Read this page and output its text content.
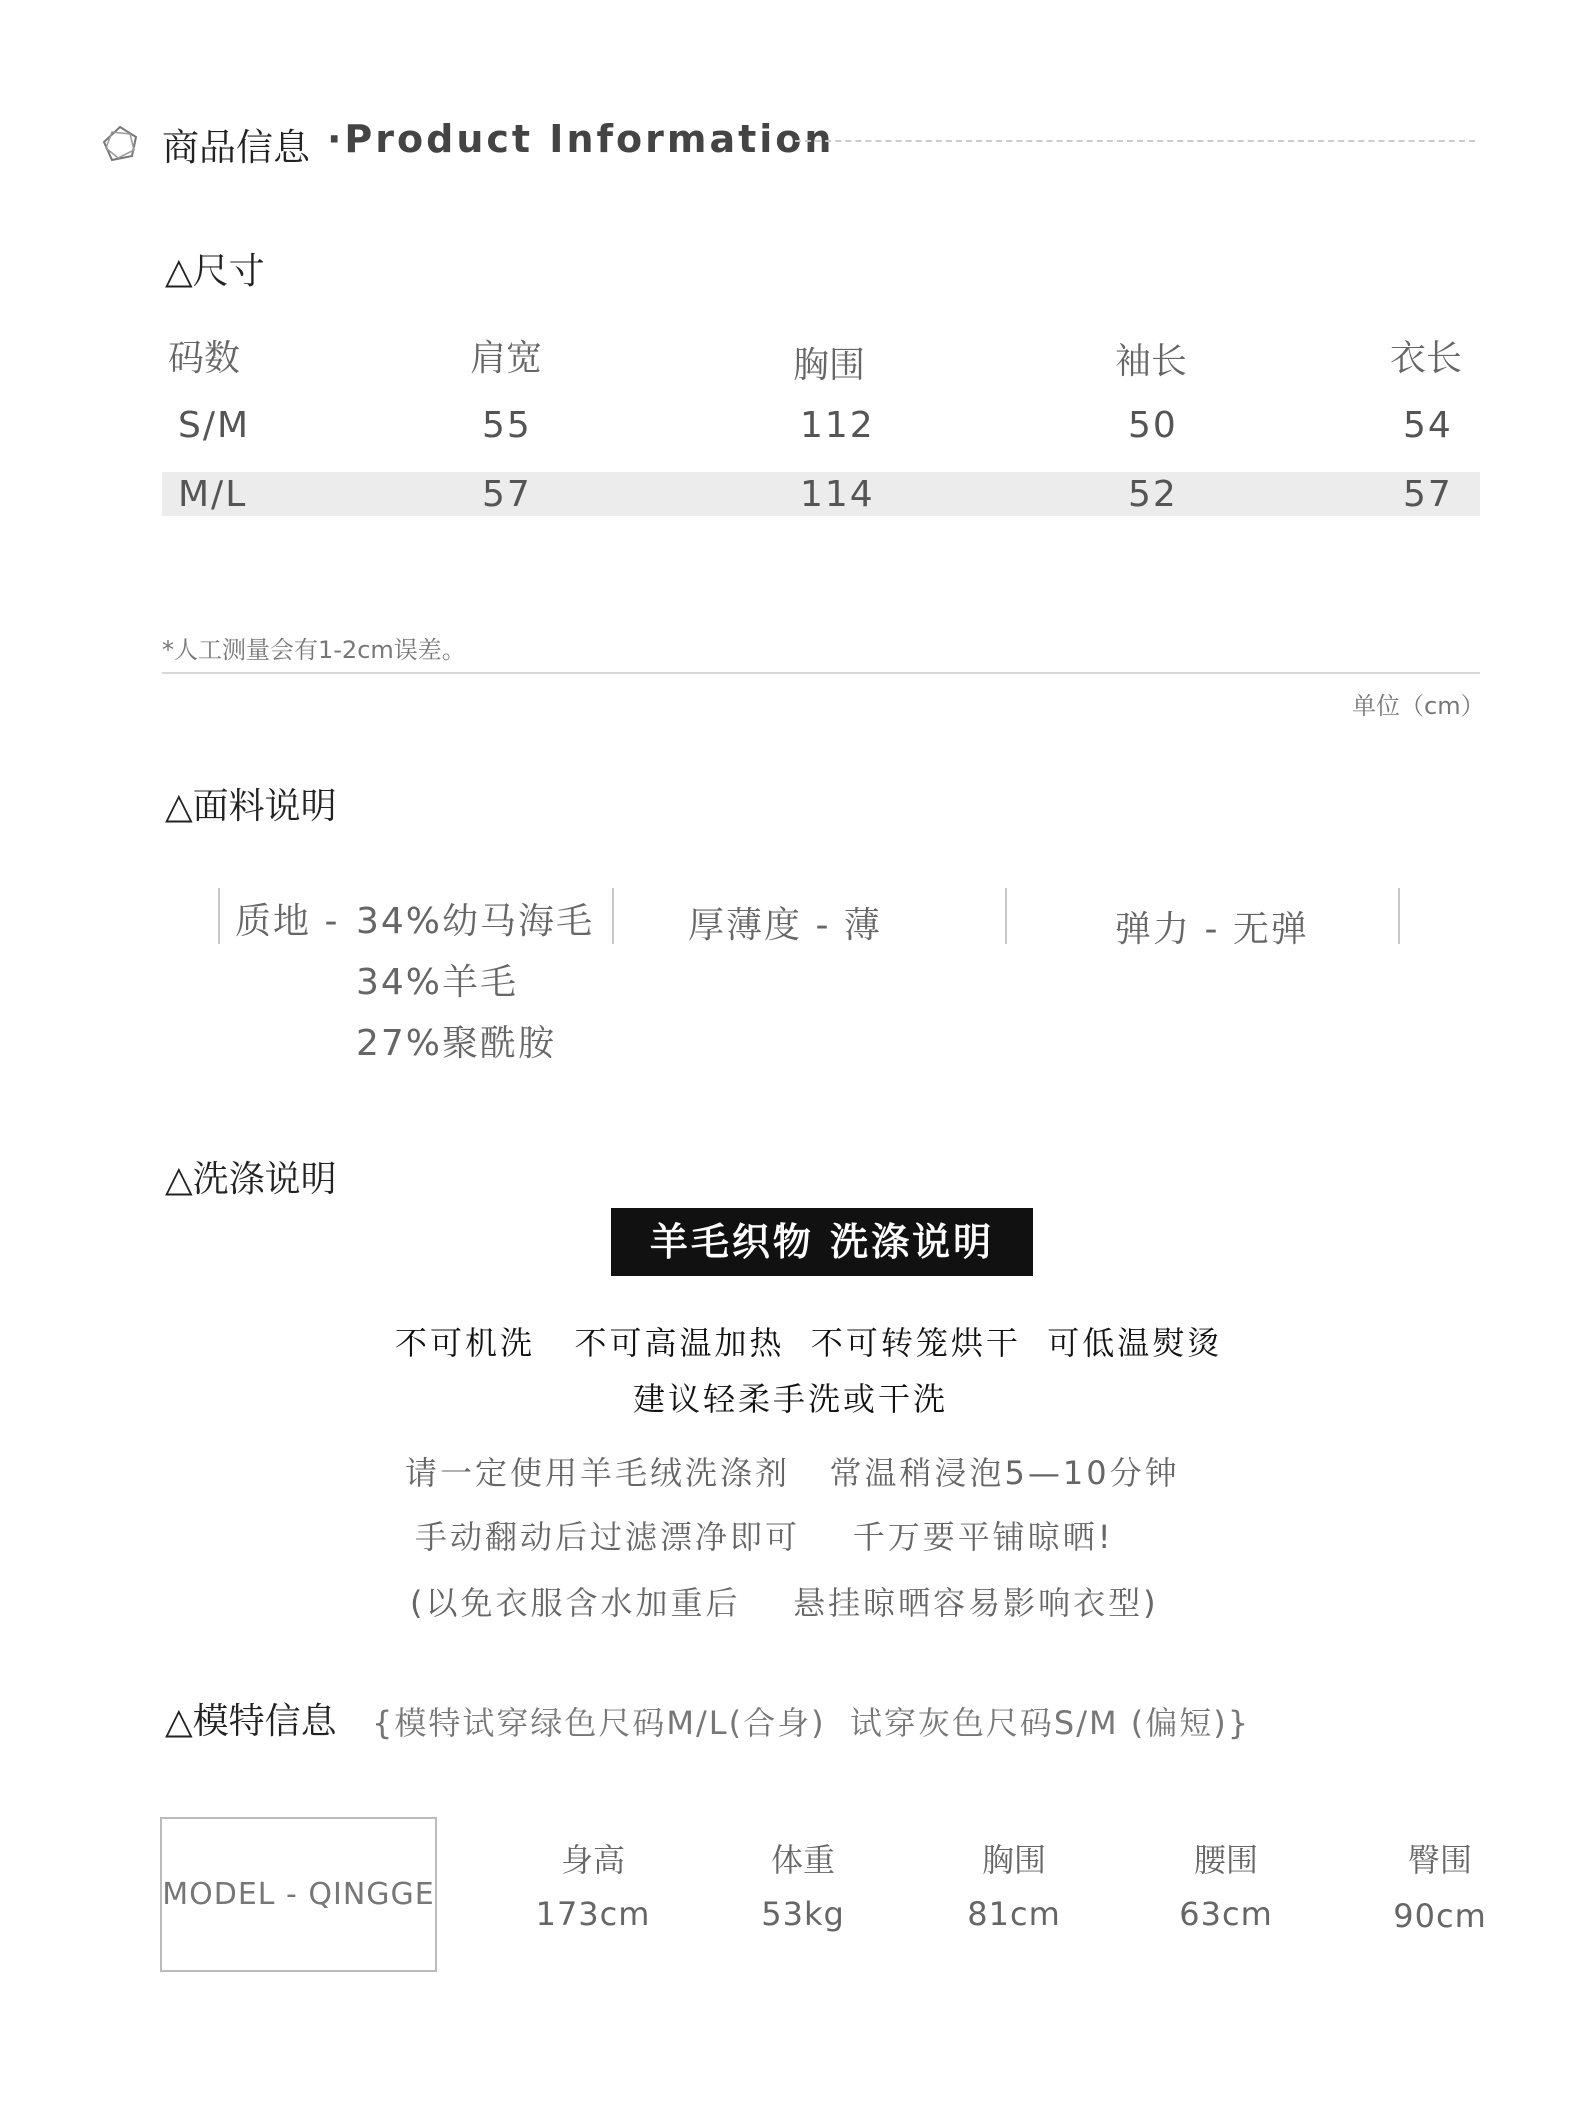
商品信息 ·Product Information
△尺寸
码数	肩宽	胸围	袖长	衣长
S/M	55	112	50	54
M/L	57	114	52	57
*人工测量会有1-2cm误差。
单位（cm）
△面料说明
质地 - 34%幼马海毛
34%羊毛
27%聚酰胺
厚薄度 - 薄	弹力 - 无弹
△洗涤说明
羊毛织物 洗涤说明
不可机洗   不可高温加热  不可转笼烘干  可低温熨烫
建议轻柔手洗或干洗
请一定使用羊毛绒洗涤剂   常温稍浸泡5—10分钟
手动翻动后过滤漂净即可    千万要平铺晾晒!
(以免衣服含水加重后    悬挂晾晒容易影响衣型)
△模特信息 {模特试穿绿色尺码M/L(合身)  试穿灰色尺码S/M (偏短)}
MODEL - QINGGE
身高	体重	胸围	腰围	臀围
173cm	53kg	81cm	63cm	90cm
